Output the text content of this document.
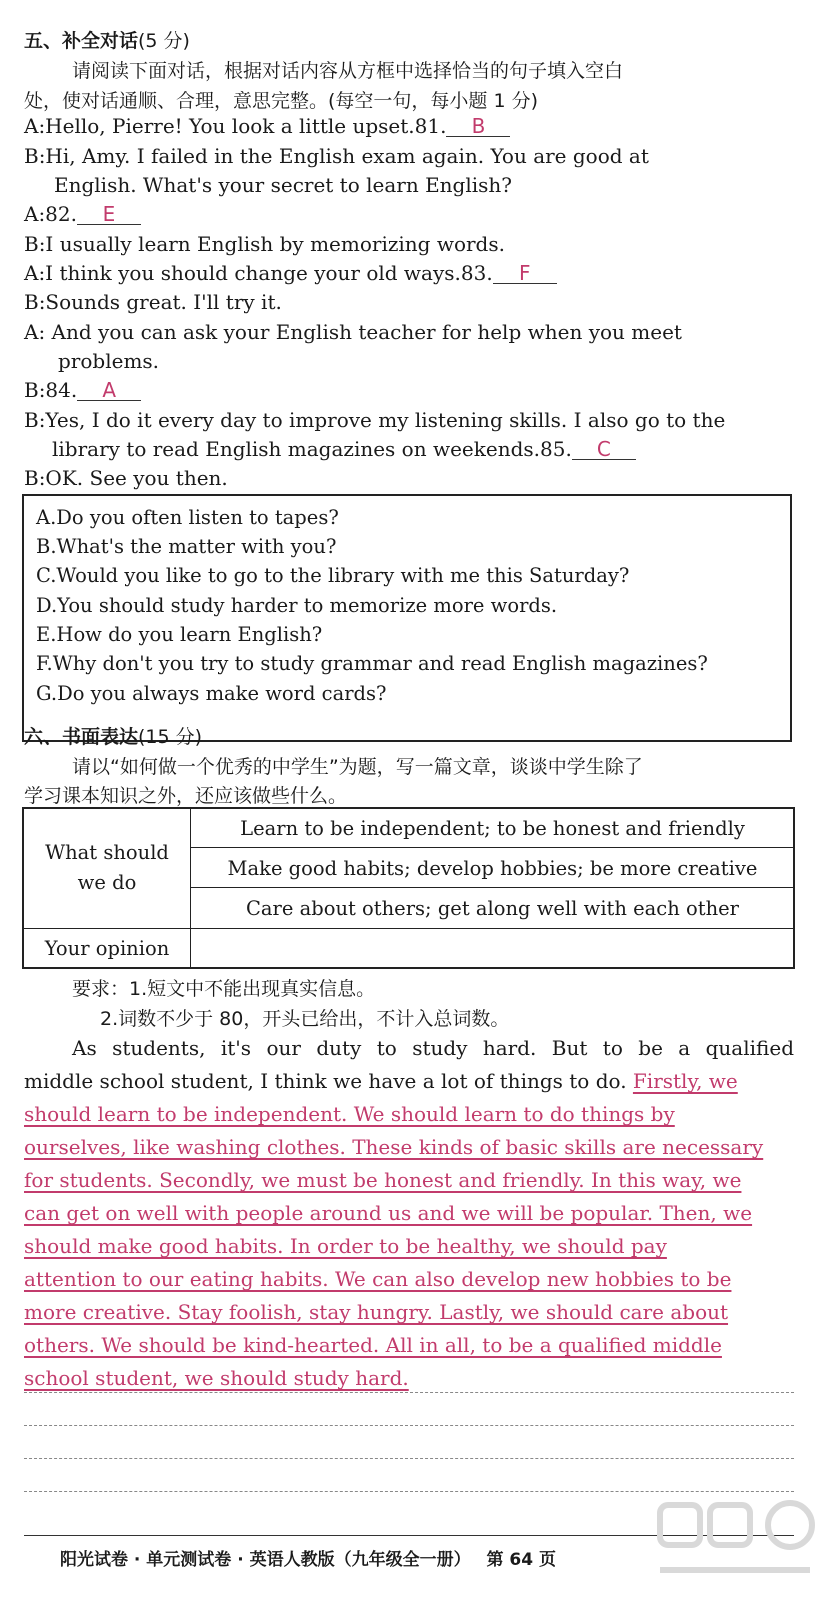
五、补全对话(5 分)
请阅读下面对话，根据对话内容从方框中选择恰当的句子填入空白
处，使对话通顺、合理，意思完整。(每空一句，每小题 1 分)
A:Hello, Pierre! You look a little upset.81. B
B:Hi, Amy. I failed in the English exam again. You are good at
English. What's your secret to learn English?
A:82. E
B:I usually learn English by memorizing words.
A:I think you should change your old ways.83. F
B:Sounds great. I'll try it.
A: And you can ask your English teacher for help when you meet
problems.
B:84. A
B:Yes, I do it every day to improve my listening skills. I also go to the
library to read English magazines on weekends.85. C
B:OK. See you then.
A.Do you often listen to tapes?
B.What's the matter with you?
C.Would you like to go to the library with me this Saturday?
D.You should study harder to memorize more words.
E.How do you learn English?
F.Why don't you try to study grammar and read English magazines?
G.Do you always make word cards?
六、书面表达(15 分)
请以“如何做一个优秀的中学生”为题，写一篇文章，谈谈中学生除了
学习课本知识之外，还应该做些什么。
What should
we do
Learn to be independent; to be honest and friendly
Make good habits; develop hobbies; be more creative
Care about others; get along well with each other
Your opinion
要求：1.短文中不能出现真实信息。
2.词数不少于 80，开头已给出，不计入总词数。
As students, it's our duty to study hard. But to be a qualified
middle school student, I think we have a lot of things to do. Firstly, we
should learn to be independent. We should learn to do things by
ourselves, like washing clothes. These kinds of basic skills are necessary
for students. Secondly, we must be honest and friendly. In this way, we
can get on well with people around us and we will be popular. Then, we
should make good habits. In order to be healthy, we should pay
attention to our eating habits. We can also develop new hobbies to be
more creative. Stay foolish, stay hungry. Lastly, we should care about
others. We should be kind-hearted. All in all, to be a qualified middle
school student, we should study hard.
阳光试卷 · 单元测试卷 · 英语人教版（九年级全一册） 第 64 页
